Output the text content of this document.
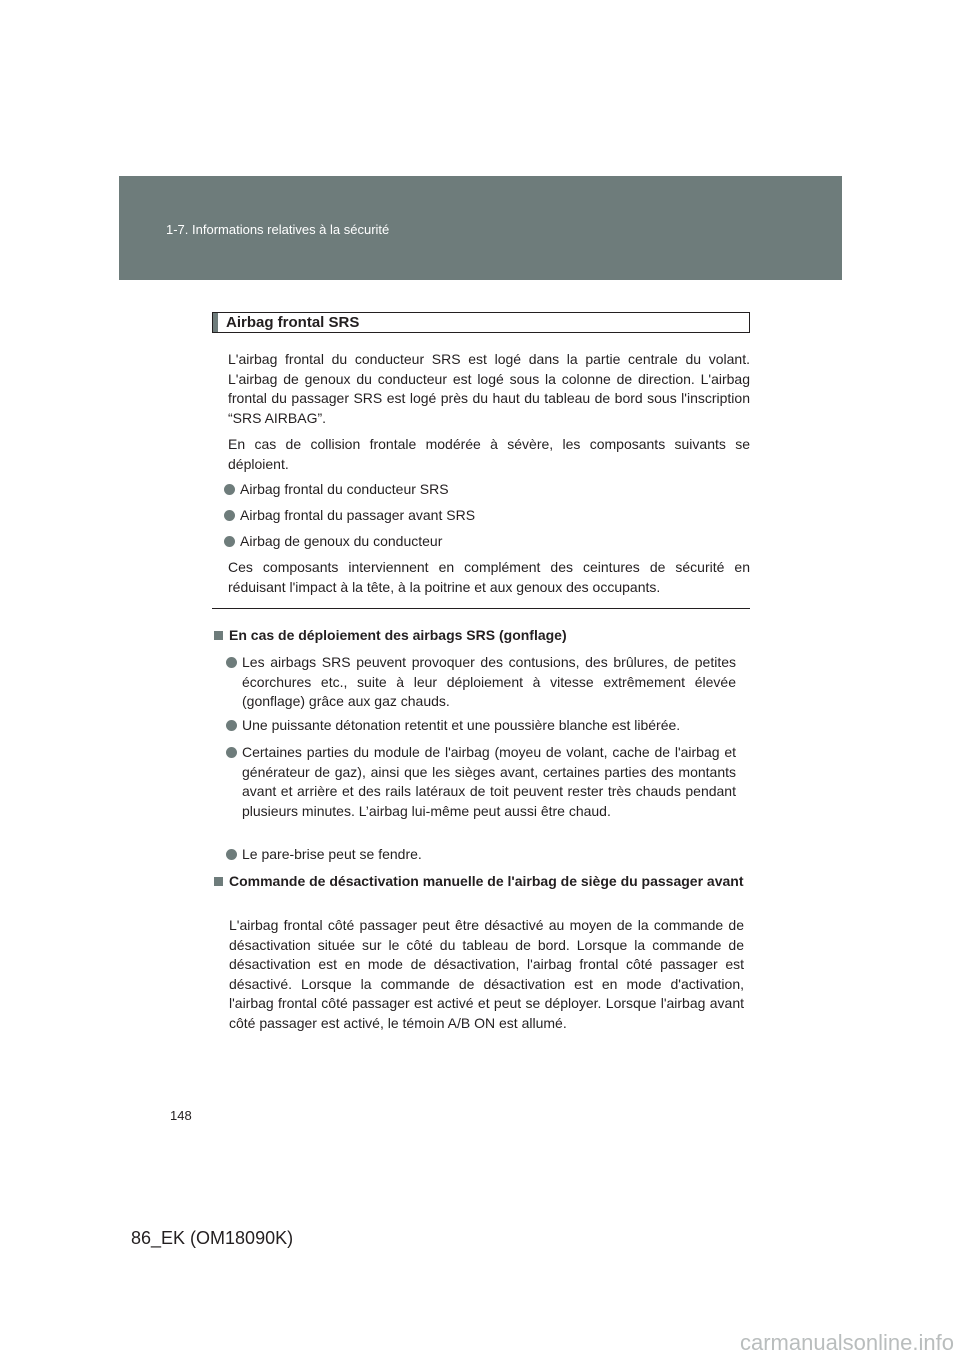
1-7. Informations relatives à la sécurité
Airbag frontal SRS
L'airbag frontal du conducteur SRS est logé dans la partie centrale du volant. L'airbag de genoux du conducteur est logé sous la colonne de direction. L'airbag frontal du passager SRS est logé près du haut du tableau de bord sous l'inscription “SRS AIRBAG”.
En cas de collision frontale modérée à sévère, les composants suivants se déploient.
Airbag frontal du conducteur SRS
Airbag frontal du passager avant SRS
Airbag de genoux du conducteur
Ces composants interviennent en complément des ceintures de sécurité en réduisant l'impact à la tête, à la poitrine et aux genoux des occupants.
En cas de déploiement des airbags SRS (gonflage)
Les airbags SRS peuvent provoquer des contusions, des brûlures, de petites écorchures etc., suite à leur déploiement à vitesse extrêmement élevée (gonflage) grâce aux gaz chauds.
Une puissante détonation retentit et une poussière blanche est libérée.
Certaines parties du module de l'airbag (moyeu de volant, cache de l'airbag et générateur de gaz), ainsi que les sièges avant, certaines parties des montants avant et arrière et des rails latéraux de toit peuvent rester très chauds pendant plusieurs minutes. L’airbag lui-même peut aussi être chaud.
Le pare-brise peut se fendre.
Commande de désactivation manuelle de l'airbag de siège du passager avant
L'airbag frontal côté passager peut être désactivé au moyen de la commande de désactivation située sur le côté du tableau de bord. Lorsque la commande de désactivation est en mode de désactivation, l'airbag frontal côté passager est désactivé. Lorsque la commande de désactivation est en mode d'activation, l'airbag frontal côté passager est activé et peut se déployer. Lorsque l'airbag avant côté passager est activé, le témoin A/B ON est allumé.
148
86_EK (OM18090K)
carmanualsonline.info
